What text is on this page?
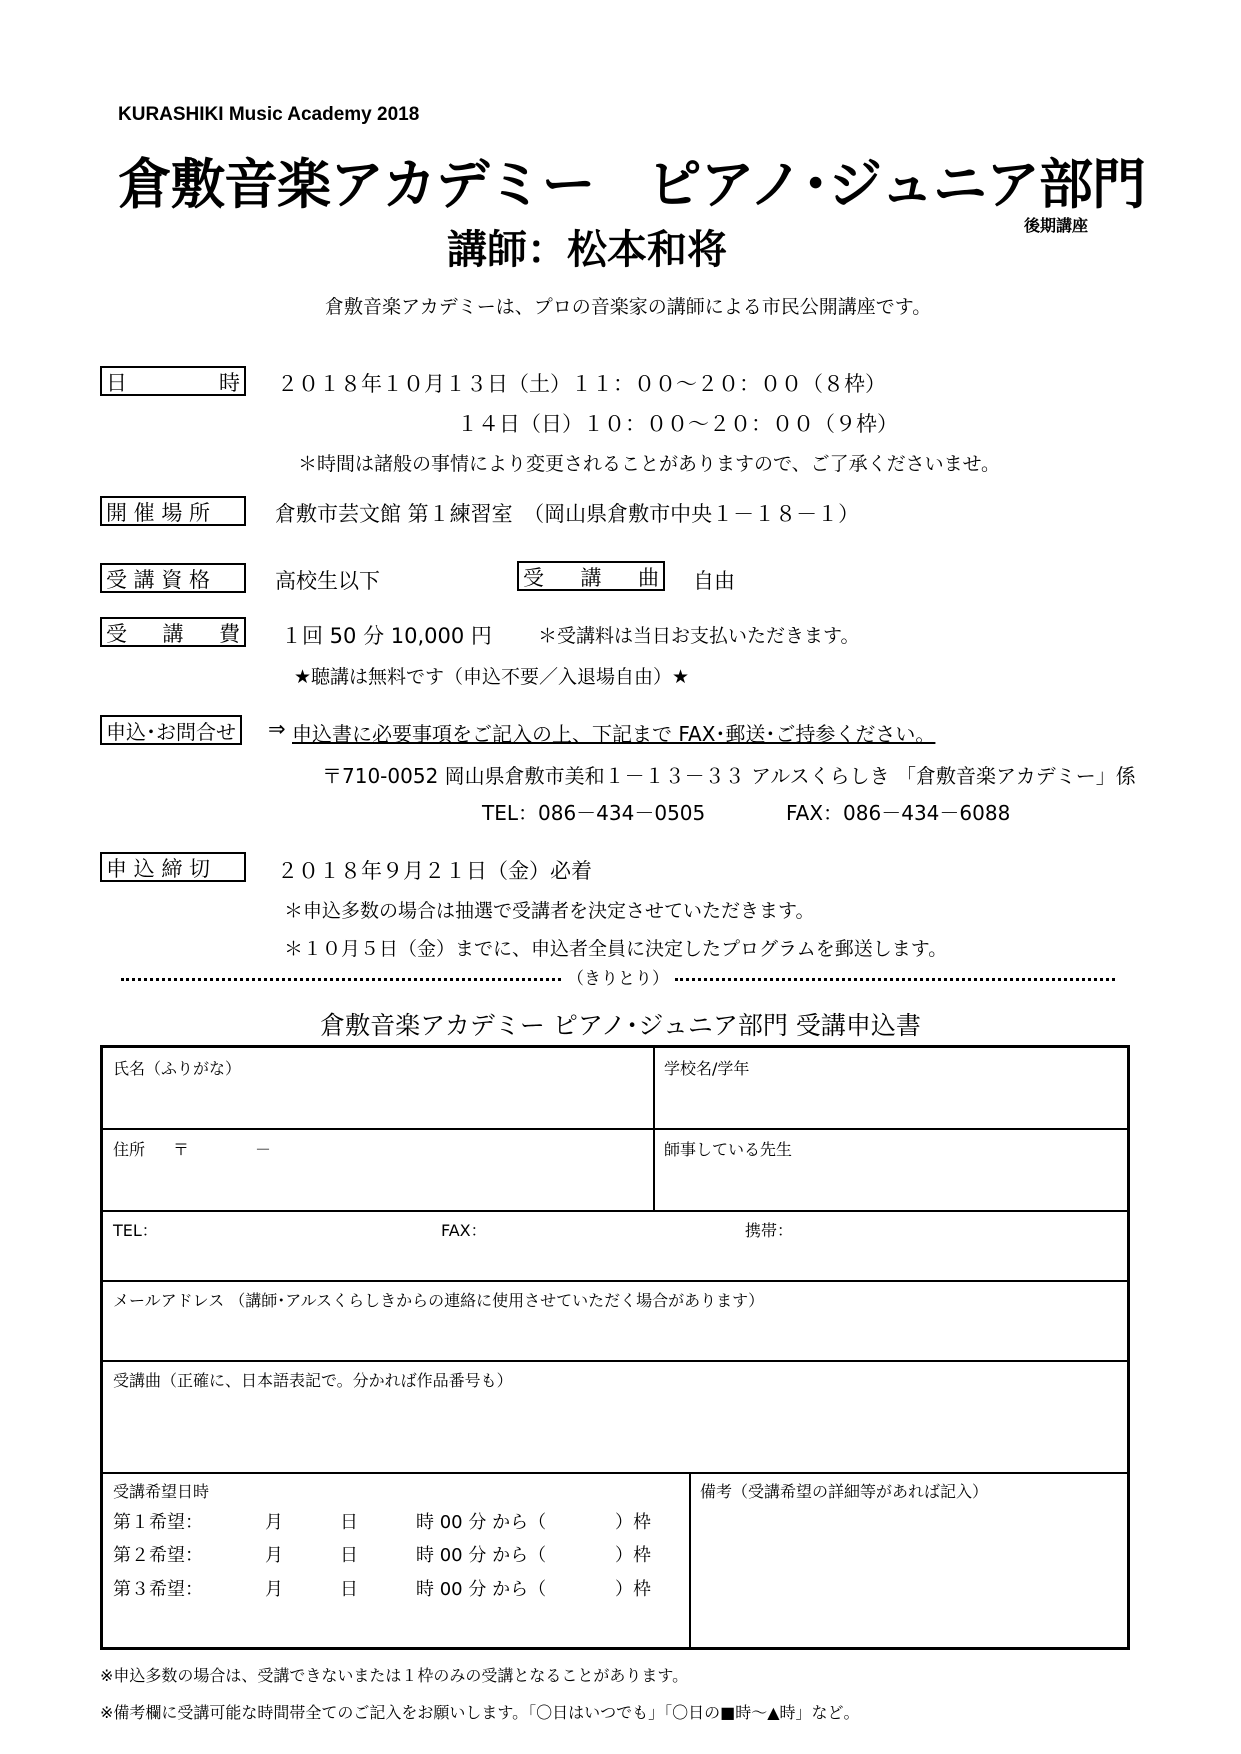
KURASHIKI Music Academy 2018
倉敷音楽アカデミー　ピアノ･ジュニア部門
後期講座
講師：松本和将
倉敷音楽アカデミーは、プロの音楽家の講師による市民公開講座です。
日	時 ２０１８年１０月１３日（土）１１：００～２０：００（８枠）
１４日（日）１０：００～２０：００（９枠）
＊時間は諸般の事情により変更されることがありますので、ご了承くださいませ。
開 催 場 所	倉敷市芸文館 第１練習室　（岡山県倉敷市中央１－１８－１）
受 講 資 格	高校生以下	受 講 曲 自由
受 講 費 １回 50 分 10,000 円 ＊受講料は当日お支払いただきます。
★聴講は無料です（申込不要／入退場自由）★
申込･お問合せ ⇒ 申込書に必要事項をご記入の上、下記まで FAX･郵送･ご持参ください。
〒710-0052 岡山県倉敷市美和１－１３－３３ アルスくらしき 「倉敷音楽アカデミー」係
TEL：086－434－0505	FAX：086－434－6088
申 込 締 切	２０１８年９月２１日（金）必着
＊申込多数の場合は抽選で受講者を決定させていただきます。
＊１０月５日（金）までに、申込者全員に決定したプログラムを郵送します。
（きりとり）
倉敷音楽アカデミー ピアノ･ジュニア部門 受講申込書
氏名（ふりがな）	学校名/学年
住所 〒	－	師事している先生
TEL：	FAX：	携帯：
メールアドレス （講師･アルスくらしきからの連絡に使用させていただく場合があります）
受講曲（正確に、日本語表記で。分かれば作品番号も）
受講希望日時
第１希望：	月	日	時 00 分 から（	）枠
第２希望：	月	日	時 00 分 から（	）枠
第３希望：	月	日	時 00 分 から（	）枠
備考（受講希望の詳細等があれば記入）
※申込多数の場合は、受講できないまたは１枠のみの受講となることがあります。
※備考欄に受講可能な時間帯全てのご記入をお願いします。「〇日はいつでも」「〇日の■時～▲時」など。
